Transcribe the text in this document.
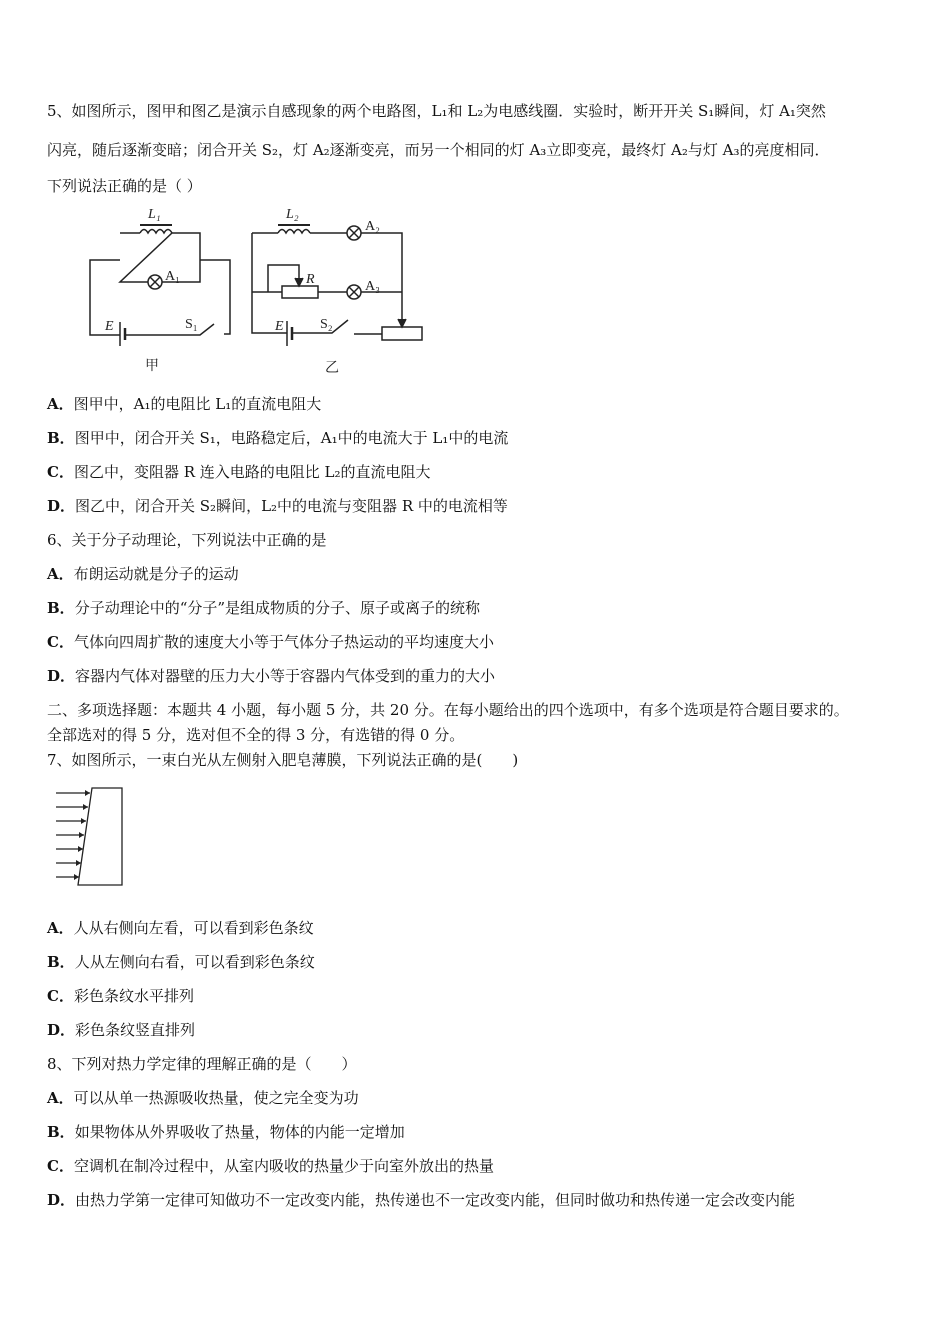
5、如图所示，图甲和图乙是演示自感现象的两个电路图，L₁和 L₂为电感线圈．实验时，断开开关 S₁瞬间，灯 A₁突然
闪亮，随后逐渐变暗；闭合开关 S₂，灯 A₂逐渐变亮，而另一个相同的灯 A₃立即变亮，最终灯 A₂与灯 A₃的亮度相同．
下列说法正确的是（ ）
L₁	L₂
A₁
A₂
A₃
R
E	E
S₁	S₂
甲	乙
A．图甲中，A₁的电阻比 L₁的直流电阻大
B．图甲中，闭合开关 S₁，电路稳定后，A₁中的电流大于 L₁中的电流
C．图乙中，变阻器 R 连入电路的电阻比 L₂的直流电阻大
D．图乙中，闭合开关 S₂瞬间，L₂中的电流与变阻器 R 中的电流相等
6、关于分子动理论，下列说法中正确的是
A．布朗运动就是分子的运动
B．分子动理论中的“分子”是组成物质的分子、原子或离子的统称
C．气体向四周扩散的速度大小等于气体分子热运动的平均速度大小
D．容器内气体对器壁的压力大小等于容器内气体受到的重力的大小
二、多项选择题：本题共 4 小题，每小题 5 分，共 20 分。在每小题给出的四个选项中，有多个选项是符合题目要求的。
全部选对的得 5 分，选对但不全的得 3 分，有选错的得 0 分。
7、如图所示，一束白光从左侧射入肥皂薄膜，下列说法正确的是(　　)
A．人从右侧向左看，可以看到彩色条纹
B．人从左侧向右看，可以看到彩色条纹
C．彩色条纹水平排列
D．彩色条纹竖直排列
8、下列对热力学定律的理解正确的是（　　）
A．可以从单一热源吸收热量，使之完全变为功
B．如果物体从外界吸收了热量，物体的内能一定增加
C．空调机在制冷过程中，从室内吸收的热量少于向室外放出的热量
D．由热力学第一定律可知做功不一定改变内能，热传递也不一定改变内能，但同时做功和热传递一定会改变内能
